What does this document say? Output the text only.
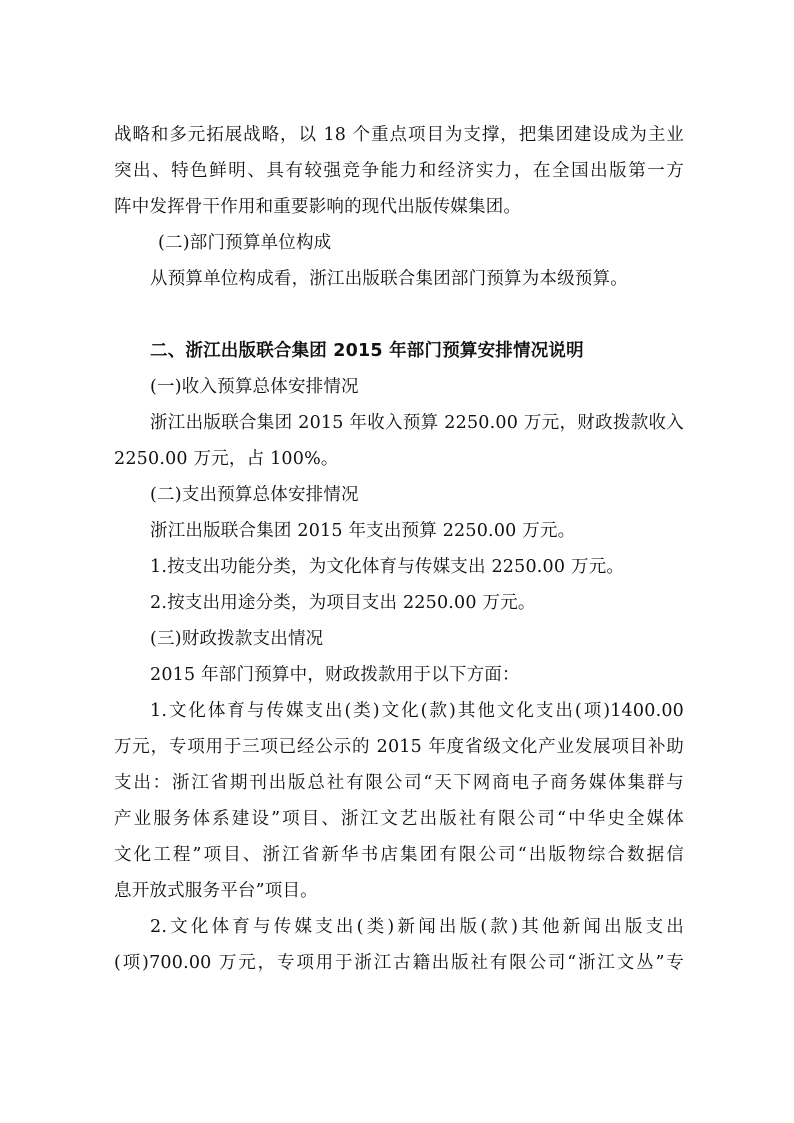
战略和多元拓展战略，以 18 个重点项目为支撑，把集团建设成为主业
突出、特色鲜明、具有较强竞争能力和经济实力，在全国出版第一方
阵中发挥骨干作用和重要影响的现代出版传媒集团。
(二)部门预算单位构成
从预算单位构成看，浙江出版联合集团部门预算为本级预算。
二、浙江出版联合集团 2015 年部门预算安排情况说明
(一)收入预算总体安排情况
浙江出版联合集团 2015 年收入预算 2250.00 万元，财政拨款收入
2250.00 万元，占 100%。
(二)支出预算总体安排情况
浙江出版联合集团 2015 年支出预算 2250.00 万元。
1.按支出功能分类，为文化体育与传媒支出 2250.00 万元。
2.按支出用途分类，为项目支出 2250.00 万元。
(三)财政拨款支出情况
2015 年部门预算中，财政拨款用于以下方面：
1.文化体育与传媒支出(类)文化(款)其他文化支出(项)1400.00
万元，专项用于三项已经公示的 2015 年度省级文化产业发展项目补助
支出：浙江省期刊出版总社有限公司“天下网商电子商务媒体集群与
产业服务体系建设”项目、浙江文艺出版社有限公司“中华史全媒体
文化工程”项目、浙江省新华书店集团有限公司“出版物综合数据信
息开放式服务平台”项目。
2.文化体育与传媒支出(类)新闻出版(款)其他新闻出版支出
(项)700.00 万元，专项用于浙江古籍出版社有限公司“浙江文丛”专
